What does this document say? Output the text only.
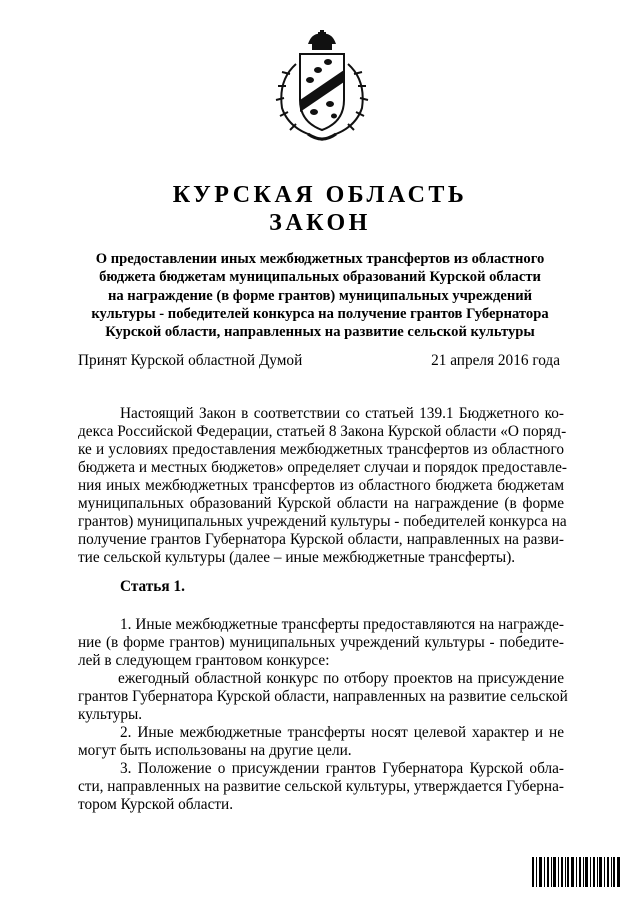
КУРСКАЯ ОБЛАСТЬ
ЗАКОН
О предоставлении иных межбюджетных трансфертов из областного
бюджета бюджетам муниципальных образований Курской области
на награждение (в форме грантов) муниципальных учреждений
культуры - победителей конкурса на получение грантов Губернатора
Курской области, направленных на развитие сельской культуры
Принят Курской областной Думой	21 апреля 2016 года
Настоящий Закон в соответствии со статьей 139.1 Бюджетного ко-
декса Российской Федерации, статьей 8 Закона Курской области «О поряд-
ке и условиях предоставления межбюджетных трансфертов из областного
бюджета и местных бюджетов» определяет случаи и порядок предоставле-
ния иных межбюджетных трансфертов из областного бюджета бюджетам
муниципальных образований Курской области на награждение (в форме
грантов) муниципальных учреждений культуры - победителей конкурса на
получение грантов Губернатора Курской области, направленных на разви-
тие сельской культуры (далее – иные межбюджетные трансферты).
Статья 1.
1. Иные межбюджетные трансферты предоставляются на награжде-
ние (в форме грантов) муниципальных учреждений культуры - победите-
лей в следующем грантовом конкурсе:
ежегодный областной конкурс по отбору проектов на присуждение
грантов Губернатора Курской области, направленных на развитие сельской
культуры.
2. Иные межбюджетные трансферты носят целевой характер и не
могут быть использованы на другие цели.
3. Положение о присуждении грантов Губернатора Курской обла-
сти, направленных на развитие сельской культуры, утверждается Губерна-
тором Курской области.
